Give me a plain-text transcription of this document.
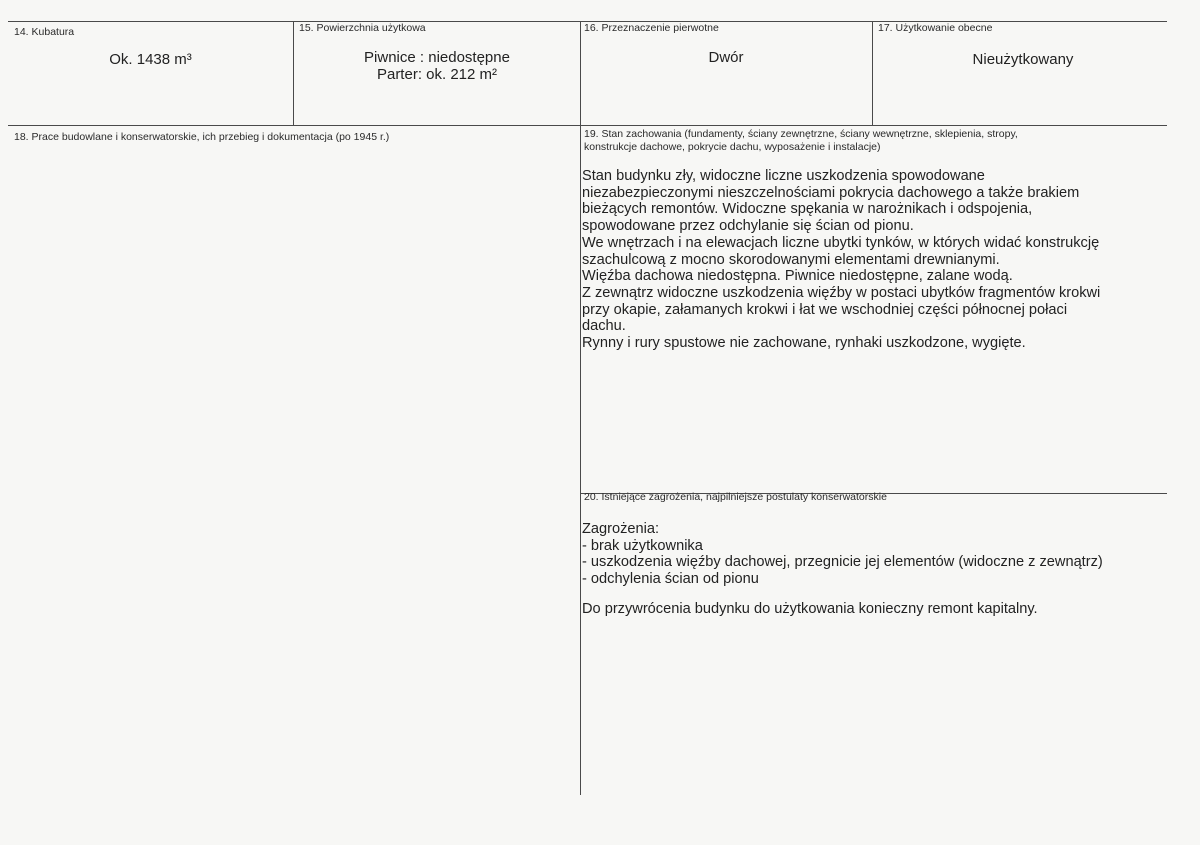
14. Kubatura
Ok. 1438 m³
15. Powierzchnia użytkowa
Piwnice : niedostępne
Parter: ok. 212 m²
16. Przeznaczenie pierwotne
Dwór
17. Użytkowanie obecne
Nieużytkowany
18. Prace budowlane i konserwatorskie, ich przebieg i dokumentacja (po 1945 r.)	19. Stan zachowania (fundamenty, ściany zewnętrzne, ściany wewnętrzne, sklepienia, stropy,
konstrukcje dachowe, pokrycie dachu, wyposażenie i instalacje)
Stan budynku zły, widoczne liczne uszkodzenia spowodowane
niezabezpieczonymi nieszczelnościami pokrycia dachowego a także brakiem
bieżących remontów. Widoczne spękania w narożnikach i odspojenia,
spowodowane przez odchylanie się ścian od pionu.
We wnętrzach i na elewacjach liczne ubytki tynków, w których widać konstrukcję
szachulcową z mocno skorodowanymi elementami drewnianymi.
Więźba dachowa niedostępna. Piwnice niedostępne, zalane wodą.
Z zewnątrz widoczne uszkodzenia więźby w postaci ubytków fragmentów krokwi
przy okapie, załamanych krokwi i łat we wschodniej części północnej połaci
dachu.
Rynny i rury spustowe nie zachowane, rynhaki uszkodzone, wygięte.
20. Istniejące zagrożenia, najpilniejsze postulaty konserwatorskie
Zagrożenia:
- brak użytkownika
- uszkodzenia więźby dachowej, przegnicie jej elementów (widoczne z zewnątrz)
- odchylenia ścian od pionu
Do przywrócenia budynku do użytkowania konieczny remont kapitalny.
